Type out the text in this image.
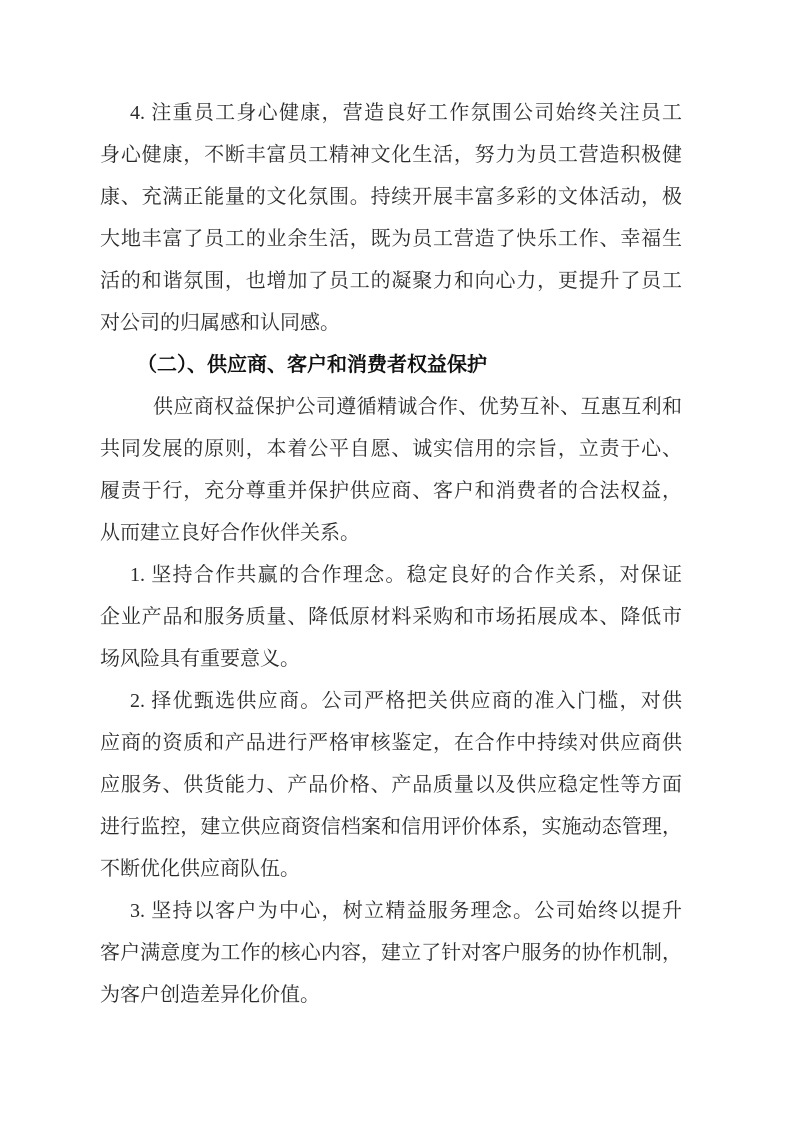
4. 注重员工身心健康，营造良好工作氛围公司始终关注员工
身心健康，不断丰富员工精神文化生活，努力为员工营造积极健
康、充满正能量的文化氛围。持续开展丰富多彩的文体活动，极
大地丰富了员工的业余生活，既为员工营造了快乐工作、幸福生
活的和谐氛围，也增加了员工的凝聚力和向心力，更提升了员工
对公司的归属感和认同感。
（二）、供应商、客户和消费者权益保护
供应商权益保护公司遵循精诚合作、优势互补、互惠互利和
共同发展的原则，本着公平自愿、诚实信用的宗旨，立责于心、
履责于行，充分尊重并保护供应商、客户和消费者的合法权益，
从而建立良好合作伙伴关系。
1. 坚持合作共赢的合作理念。稳定良好的合作关系，对保证
企业产品和服务质量、降低原材料采购和市场拓展成本、降低市
场风险具有重要意义。
2. 择优甄选供应商。公司严格把关供应商的准入门槛，对供
应商的资质和产品进行严格审核鉴定，在合作中持续对供应商供
应服务、供货能力、产品价格、产品质量以及供应稳定性等方面
进行监控，建立供应商资信档案和信用评价体系，实施动态管理，
不断优化供应商队伍。
3. 坚持以客户为中心，树立精益服务理念。公司始终以提升
客户满意度为工作的核心内容，建立了针对客户服务的协作机制，
为客户创造差异化价值。
